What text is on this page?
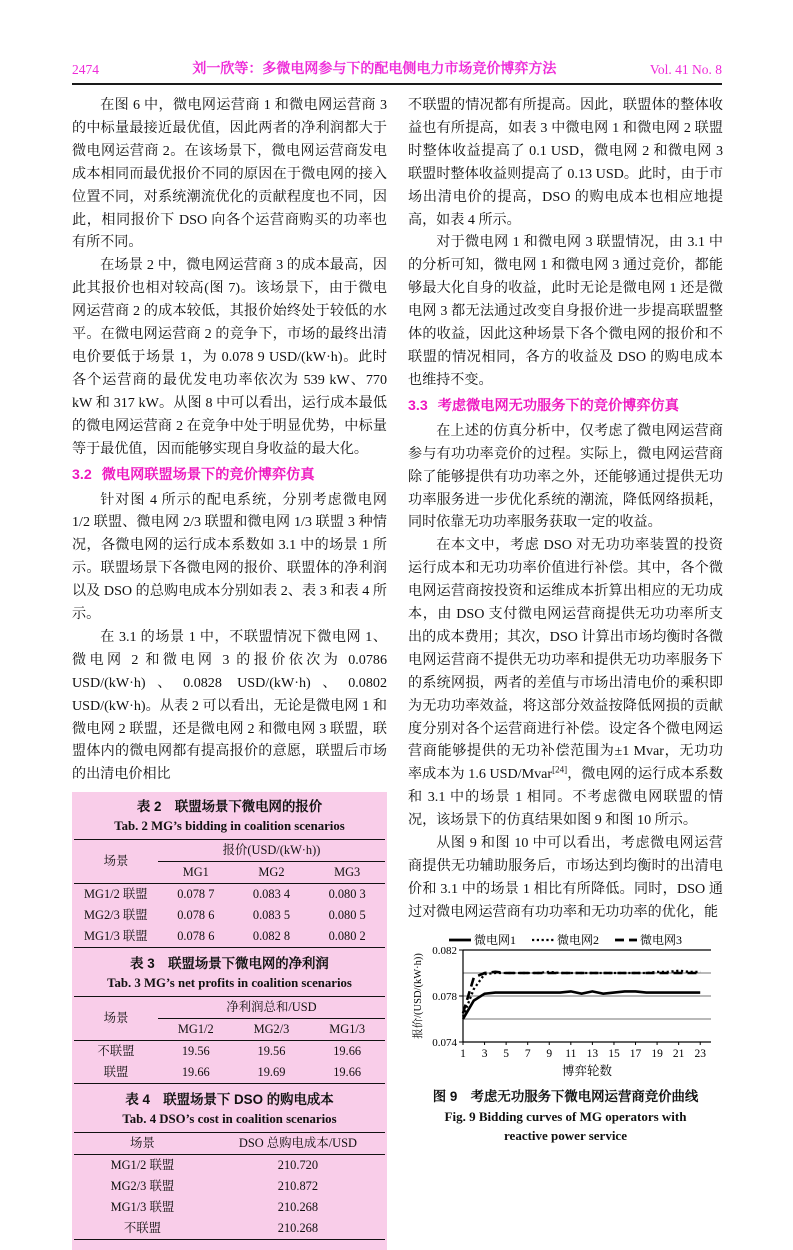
2474	刘一欣等：多微电网参与下的配电侧电力市场竞价博弈方法	Vol. 41 No. 8

在图 6 中，微电网运营商 1 和微电网运营商 3 的中标量最接近最优值，因此两者的净利润都大于微电网运营商 2。在该场景下，微电网运营商发电成本相同而最优报价不同的原因在于微电网的接入位置不同，对系统潮流优化的贡献程度也不同，因此，相同报价下 DSO 向各个运营商购买的功率也有所不同。

在场景 2 中，微电网运营商 3 的成本最高，因此其报价也相对较高(图 7)。该场景下，由于微电网运营商 2 的成本较低，其报价始终处于较低的水平。在微电网运营商 2 的竞争下，市场的最终出清电价要低于场景 1，为 0.078 9 USD/(kW·h)。此时各个运营商的最优发电功率依次为 539 kW、770 kW 和 317 kW。从图 8 中可以看出，运行成本最低的微电网运营商 2 在竞争中处于明显优势，中标量等于最优值，因而能够实现自身收益的最大化。

3.2 微电网联盟场景下的竞价博弈仿真

针对图 4 所示的配电系统，分别考虑微电网 1/2 联盟、微电网 2/3 联盟和微电网 1/3 联盟 3 种情况，各微电网的运行成本系数如 3.1 中的场景 1 所示。联盟场景下各微电网的报价、联盟体的净利润以及 DSO 的总购电成本分别如表 2、表 3 和表 4 所示。

在 3.1 的场景 1 中，不联盟情况下微电网 1、微电网 2 和微电网 3 的报价依次为 0.0786 USD/(kW·h)、0.0828 USD/(kW·h)、0.0802 USD/(kW·h)。从表 2 可以看出，无论是微电网 1 和微电网 2 联盟，还是微电网 2 和微电网 3 联盟，联盟体内的微电网都有提高报价的意愿，联盟后市场的出清电价相比

表 2　联盟场景下微电网的报价
Tab. 2 MG’s bidding in coalition scenarios
场景	报价(USD/(kW·h))		
	MG1	MG2	MG3
MG1/2 联盟	0.078 7	0.083 4	0.080 3
MG2/3 联盟	0.078 6	0.083 5	0.080 5
MG1/3 联盟	0.078 6	0.082 8	0.080 2
表 3　联盟场景下微电网的净利润
Tab. 3 MG’s net profits in coalition scenarios
场景	净利润总和/USD		
	MG1/2	MG2/3	MG1/3
不联盟	19.56	19.56	19.66
联盟	19.66	19.69	19.66
表 4　联盟场景下 DSO 的购电成本
Tab. 4 DSO’s cost in coalition scenarios
场景	DSO 总购电成本/USD
MG1/2 联盟	210.720
MG2/3 联盟	210.872
MG1/3 联盟	210.268
不联盟	210.268

不联盟的情况都有所提高。因此，联盟体的整体收益也有所提高，如表 3 中微电网 1 和微电网 2 联盟时整体收益提高了 0.1 USD，微电网 2 和微电网 3 联盟时整体收益则提高了 0.13 USD。此时，由于市场出清电价的提高，DSO 的购电成本也相应地提高，如表 4 所示。

对于微电网 1 和微电网 3 联盟情况，由 3.1 中的分析可知，微电网 1 和微电网 3 通过竞价，都能够最大化自身的收益，此时无论是微电网 1 还是微电网 3 都无法通过改变自身报价进一步提高联盟整体的收益，因此这种场景下各个微电网的报价和不联盟的情况相同，各方的收益及 DSO 的购电成本也维持不变。

3.3 考虑微电网无功服务下的竞价博弈仿真

在上述的仿真分析中，仅考虑了微电网运营商参与有功功率竞价的过程。实际上，微电网运营商除了能够提供有功功率之外，还能够通过提供无功功率服务进一步优化系统的潮流，降低网络损耗，同时依靠无功功率服务获取一定的收益。

在本文中，考虑 DSO 对无功功率装置的投资运行成本和无功功率价值进行补偿。其中，各个微电网运营商按投资和运维成本折算出相应的无功成本，由 DSO 支付微电网运营商提供无功功率所支出的成本费用；其次，DSO 计算出市场均衡时各微电网运营商不提供无功功率和提供无功功率服务下的系统网损，两者的差值与市场出清电价的乘积即为无功功率效益，将这部分效益按降低网损的贡献度分别对各个运营商进行补偿。设定各个微电网运营商能够提供的无功补偿范围为±1 Mvar，无功功率成本为 1.6 USD/Mvar[24]，微电网的运行成本系数和 3.1 中的场景 1 相同。不考虑微电网联盟的情况，该场景下的仿真结果如图 9 和图 10 所示。

从图 9 和图 10 中可以看出，考虑微电网运营商提供无功辅助服务后，市场达到均衡时的出清电价和 3.1 中的场景 1 相比有所降低。同时，DSO 通过对微电网运营商有功功率和无功功率的优化，能

0.074
0.078
0.082
1 3 5 7 9 11 13 15 17 19 21 23
微电网1	微电网2	微电网3
报价/(USD/(kW·h))
博弈轮数
图 9　考虑无功服务下微电网运营商竞价曲线
Fig. 9 Bidding curves of MG operators with
reactive power service
